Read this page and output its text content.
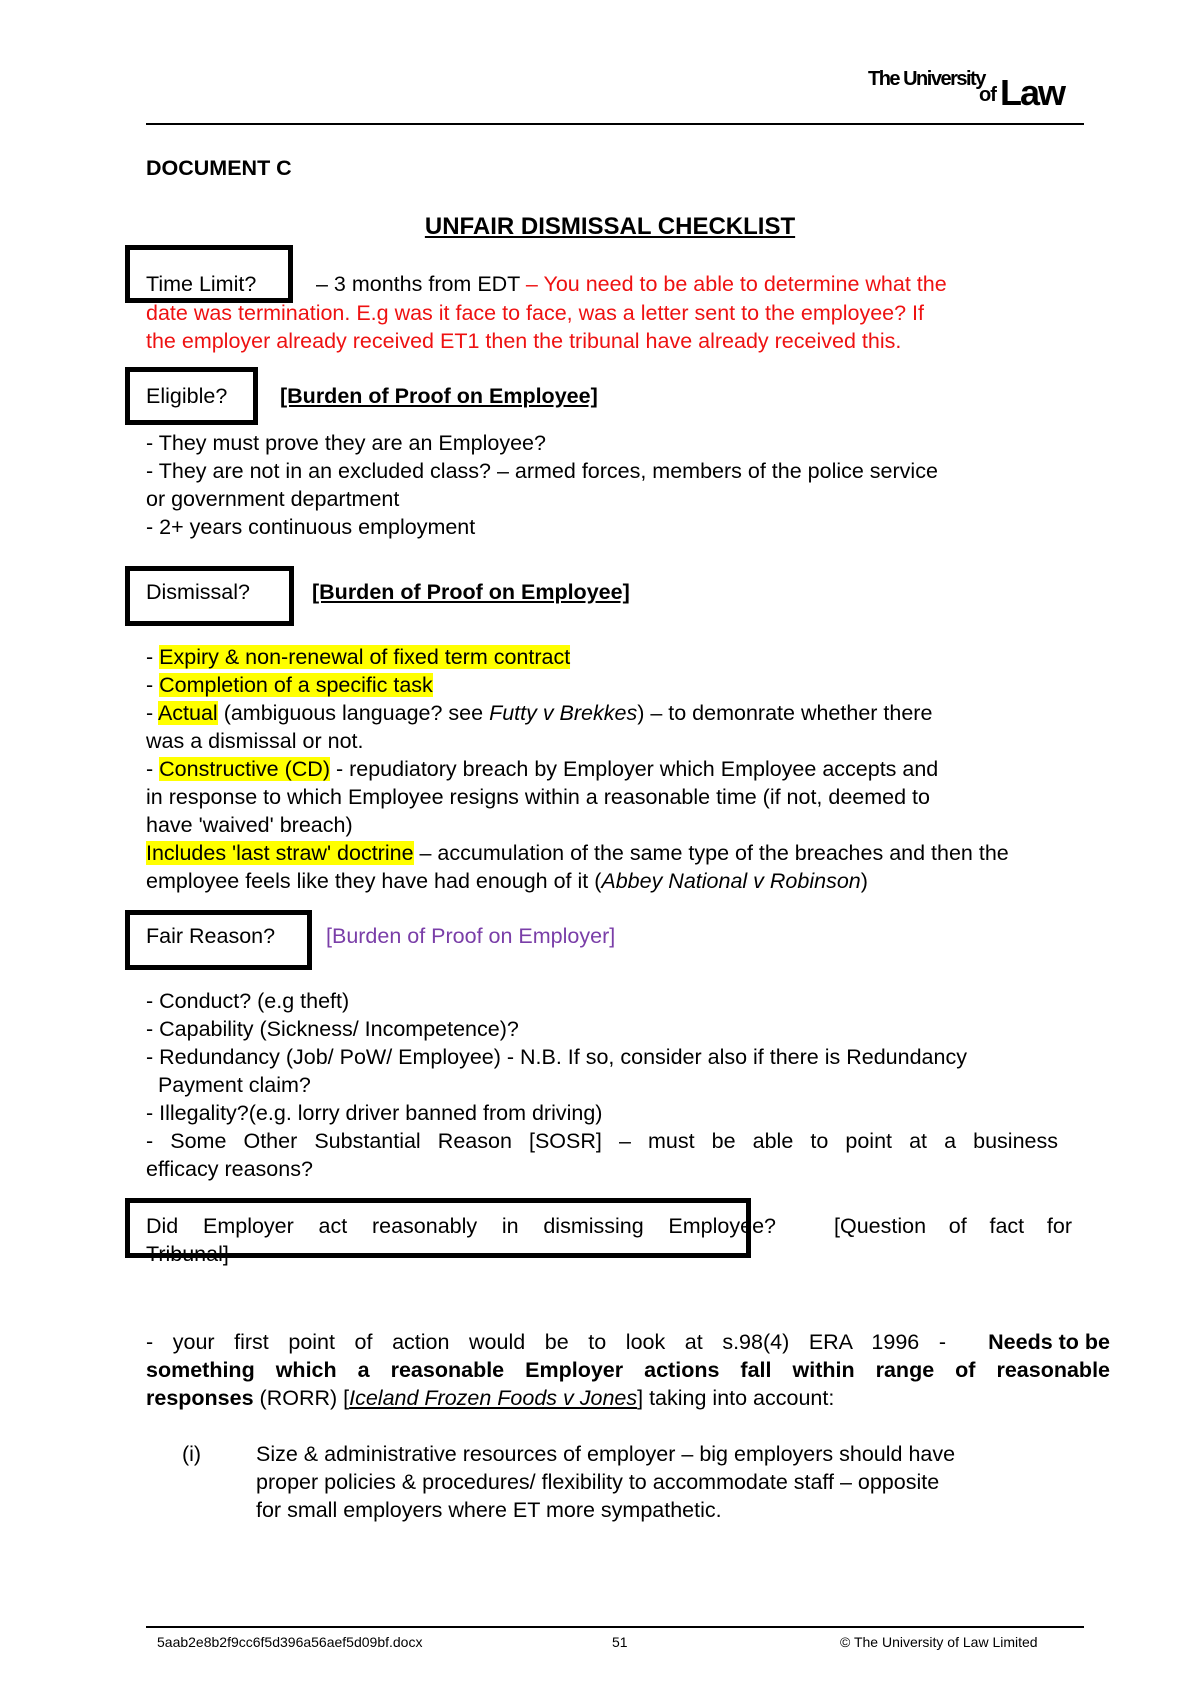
The University
of Law
DOCUMENT C
UNFAIR DISMISSAL CHECKLIST
Time Limit?	– 3 months from EDT – You need to be able to determine what the
date was termination. E.g was it face to face, was a letter sent to the employee? If
the employer already received ET1 then the tribunal have already received this.
Eligible? [Burden of Proof on Employee]
- They must prove they are an Employee?
- They are not in an excluded class? – armed forces, members of the police service
or government department
- 2+ years continuous employment
Dismissal?	[Burden of Proof on Employee]
- Expiry & non-renewal of fixed term contract
- Completion of a specific task
- Actual (ambiguous language? see Futty v Brekkes) – to demonrate whether there
was a dismissal or not.
- Constructive (CD) - repudiatory breach by Employer which Employee accepts and
in response to which Employee resigns within a reasonable time (if not, deemed to
have 'waived' breach)
Includes 'last straw' doctrine – accumulation of the same type of the breaches and then the
employee feels like they have had enough of it (Abbey National v Robinson)
Fair Reason? [Burden of Proof on Employer]
- Conduct? (e.g theft)
- Capability (Sickness/ Incompetence)?
- Redundancy (Job/ PoW/ Employee) - N.B. If so, consider also if there is Redundancy
Payment claim?
- Illegality?(e.g. lorry driver banned from driving)
- Some Other Substantial Reason [SOSR] – must be able to point at a business
efficacy reasons?
Did Employer act reasonably in dismissing Employee?	[Question of fact for
Tribunal]
- your first point of action would be to look at s.98(4) ERA 1996 - Needs to be
something which a reasonable Employer actions fall within range of reasonable
responses (RORR) [Iceland Frozen Foods v Jones] taking into account:
(i)	Size & administrative resources of employer – big employers should have
proper policies & procedures/ flexibility to accommodate staff – opposite
for small employers where ET more sympathetic.
5aab2e8b2f9cc6f5d396a56aef5d09bf.docx	51	© The University of Law Limited
